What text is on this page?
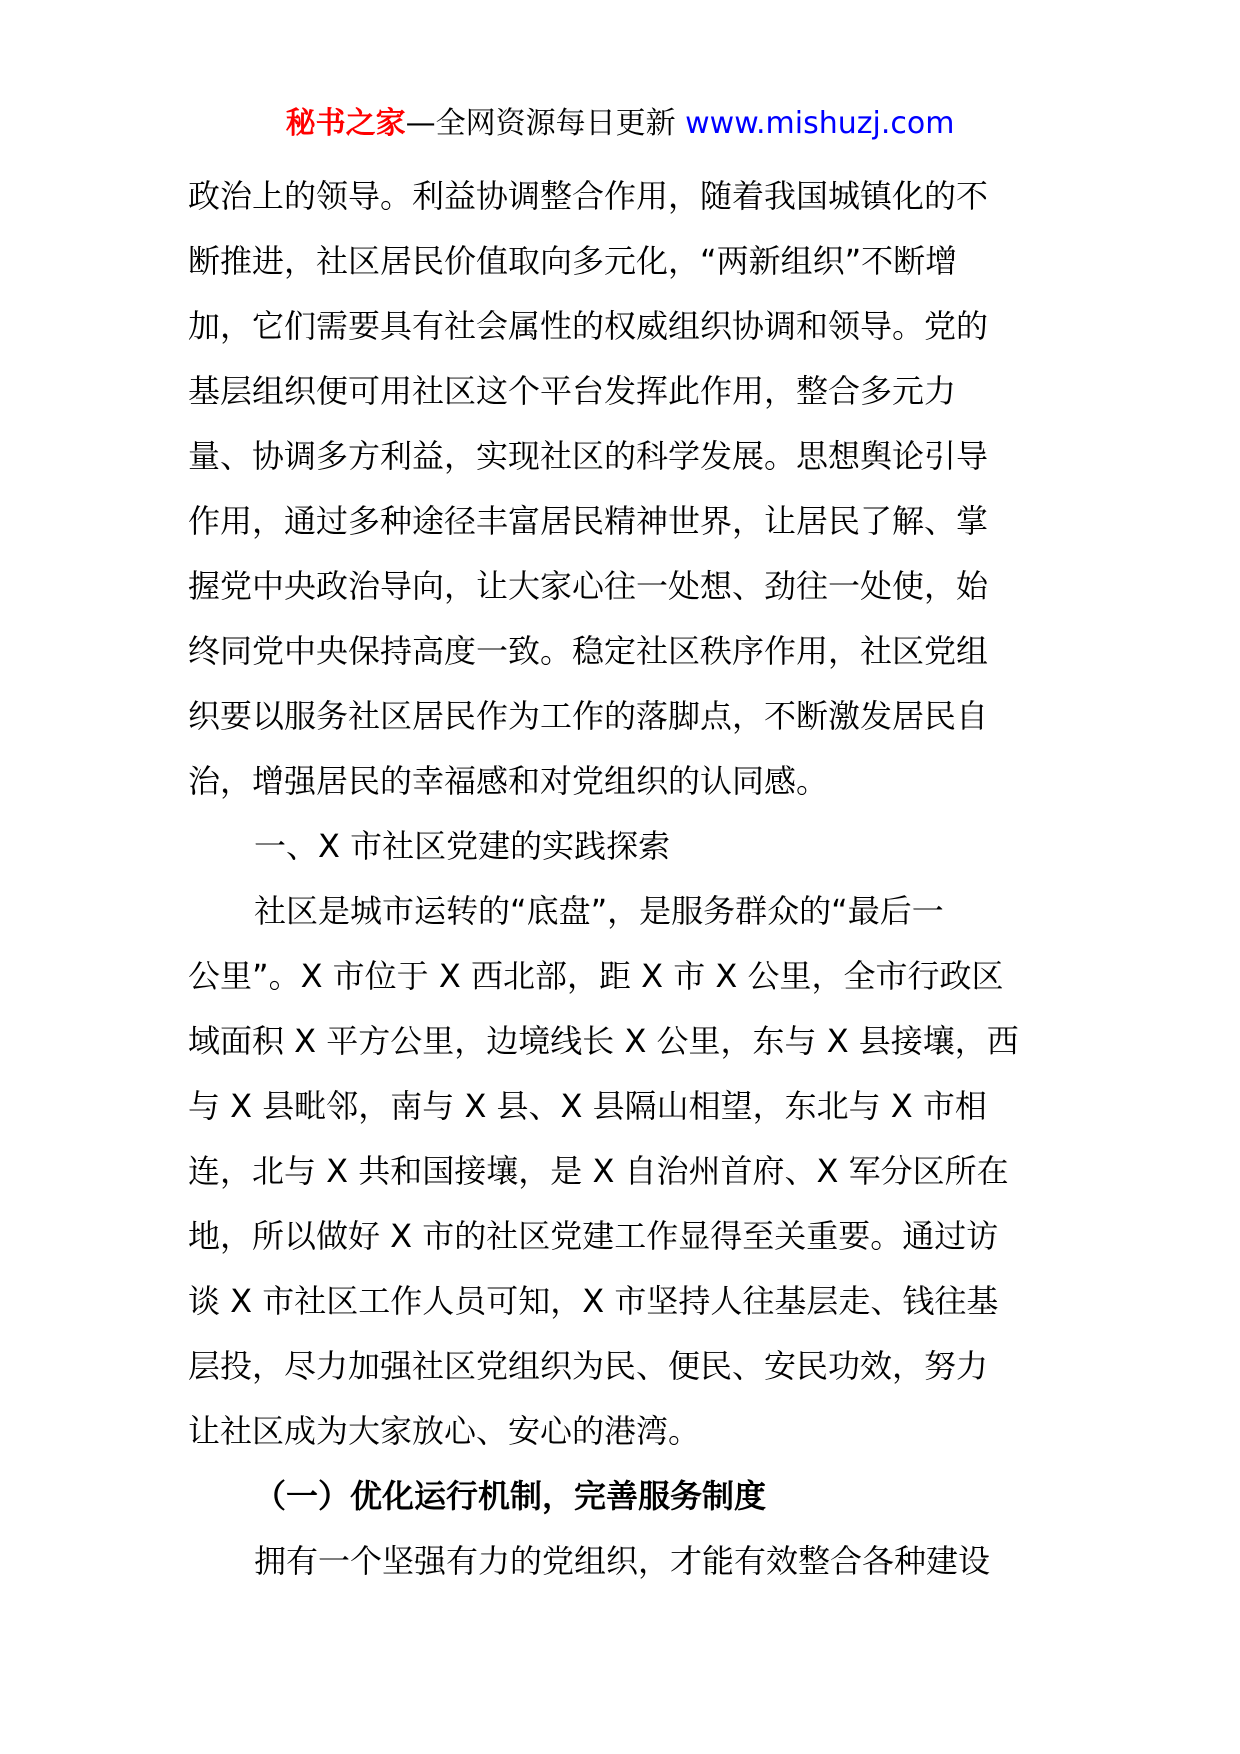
秘书之家—全网资源每日更新 www.mishuzj.com
政治上的领导。利益协调整合作用，随着我国城镇化的不
断推进，社区居民价值取向多元化，“两新组织”不断增
加，它们需要具有社会属性的权威组织协调和领导。党的
基层组织便可用社区这个平台发挥此作用，整合多元力
量、协调多方利益，实现社区的科学发展。思想舆论引导
作用，通过多种途径丰富居民精神世界，让居民了解、掌
握党中央政治导向，让大家心往一处想、劲往一处使，始
终同党中央保持高度一致。稳定社区秩序作用，社区党组
织要以服务社区居民作为工作的落脚点，不断激发居民自
治，增强居民的幸福感和对党组织的认同感。
一、X 市社区党建的实践探索
社区是城市运转的“底盘”，是服务群众的“最后一
公里”。X 市位于 X 西北部，距 X 市 X 公里，全市行政区
域面积 X 平方公里，边境线长 X 公里，东与 X 县接壤，西
与 X 县毗邻，南与 X 县、X 县隔山相望，东北与 X 市相
连，北与 X 共和国接壤，是 X 自治州首府、X 军分区所在
地，所以做好 X 市的社区党建工作显得至关重要。通过访
谈 X 市社区工作人员可知，X 市坚持人往基层走、钱往基
层投，尽力加强社区党组织为民、便民、安民功效，努力
让社区成为大家放心、安心的港湾。
（一）优化运行机制，完善服务制度
拥有一个坚强有力的党组织，才能有效整合各种建设
